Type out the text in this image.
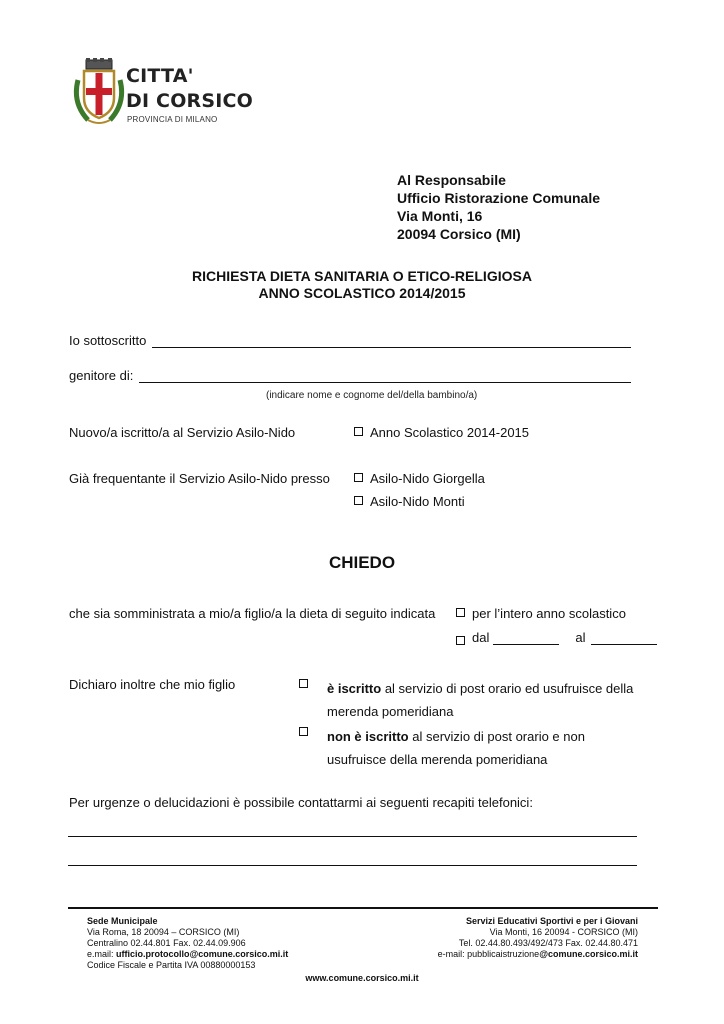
CITTA'
DI CORSICO
PROVINCIA DI MILANO
Al Responsabile
Ufficio Ristorazione Comunale
Via Monti, 16
20094 Corsico (MI)
RICHIESTA DIETA SANITARIA O ETICO-RELIGIOSA
ANNO SCOLASTICO 2014/2015
Io sottoscritto
genitore di:
(indicare nome e cognome del/della bambino/a)
Nuovo/a iscritto/a al Servizio Asilo-Nido	Anno Scolastico 2014-2015
Già frequentante il Servizio Asilo-Nido presso	Asilo-Nido Giorgella
Asilo-Nido Monti
CHIEDO
che sia somministrata a mio/a figlio/a la dieta di seguito indicata	per l’intero anno scolastico
dal	al
Dichiaro inoltre che mio figlio	è iscritto al servizio di post orario ed usufruisce della
merenda pomeridiana
non è iscritto al servizio di post orario e non
usufruisce della merenda pomeridiana
Per urgenze o delucidazioni è possibile contattarmi ai seguenti recapiti telefonici:
Sede Municipale
Via Roma, 18 20094 – CORSICO (MI)
Centralino 02.44.801 Fax. 02.44.09.906
e.mail: ufficio.protocollo@comune.corsico.mi.it
Codice Fiscale e Partita IVA 00880000153
Servizi Educativi Sportivi e per i Giovani
Via Monti, 16 20094 - CORSICO (MI)
Tel. 02.44.80.493/492/473 Fax. 02.44.80.471
e-mail: pubblicaistruzione@comune.corsico.mi.it
www.comune.corsico.mi.it
